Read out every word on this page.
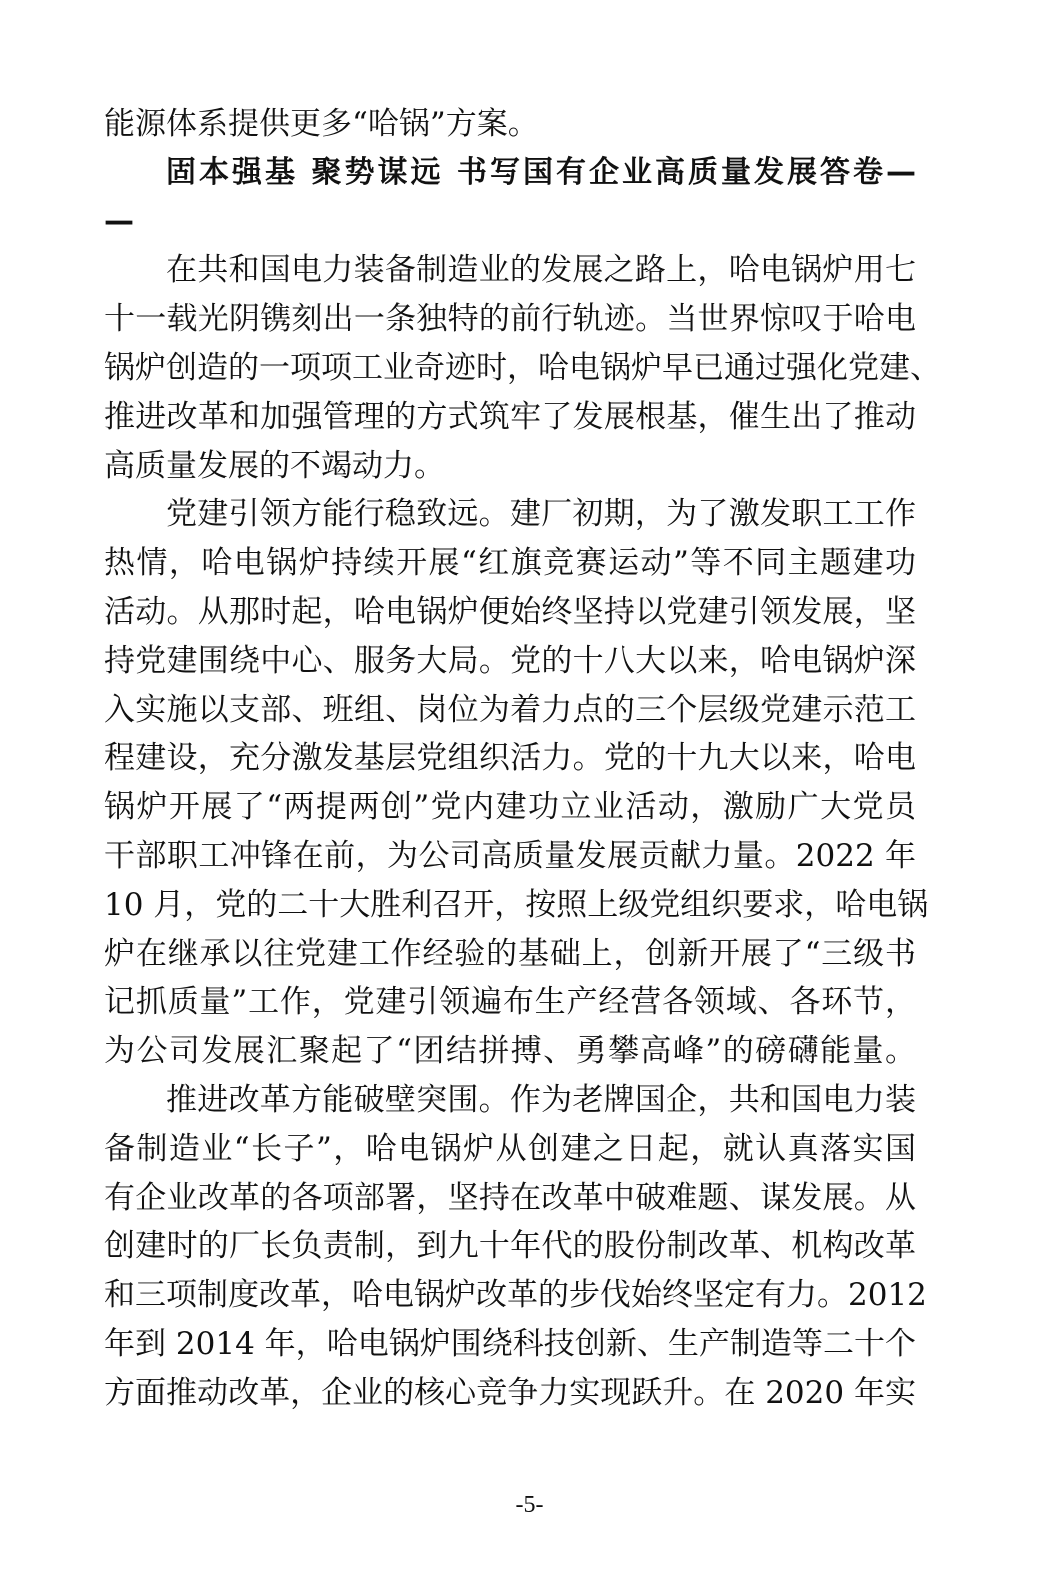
能源体系提供更多“哈锅”方案。
固本强基 聚势谋远 书写国有企业高质量发展答卷—
—
在共和国电力装备制造业的发展之路上，哈电锅炉用七
十一载光阴镌刻出一条独特的前行轨迹。当世界惊叹于哈电
锅炉创造的一项项工业奇迹时，哈电锅炉早已通过强化党建、
推进改革和加强管理的方式筑牢了发展根基，催生出了推动
高质量发展的不竭动力。
党建引领方能行稳致远。建厂初期，为了激发职工工作
热情，哈电锅炉持续开展“红旗竞赛运动”等不同主题建功
活动。从那时起，哈电锅炉便始终坚持以党建引领发展，坚
持党建围绕中心、服务大局。党的十八大以来，哈电锅炉深
入实施以支部、班组、岗位为着力点的三个层级党建示范工
程建设，充分激发基层党组织活力。党的十九大以来，哈电
锅炉开展了“两提两创”党内建功立业活动，激励广大党员
干部职工冲锋在前，为公司高质量发展贡献力量。2022 年
10 月，党的二十大胜利召开，按照上级党组织要求，哈电锅
炉在继承以往党建工作经验的基础上，创新开展了“三级书
记抓质量”工作，党建引领遍布生产经营各领域、各环节，
为公司发展汇聚起了“团结拼搏、勇攀高峰”的磅礴能量。
推进改革方能破壁突围。作为老牌国企，共和国电力装
备制造业“长子”，哈电锅炉从创建之日起，就认真落实国
有企业改革的各项部署，坚持在改革中破难题、谋发展。从
创建时的厂长负责制，到九十年代的股份制改革、机构改革
和三项制度改革，哈电锅炉改革的步伐始终坚定有力。2012
年到 2014 年，哈电锅炉围绕科技创新、生产制造等二十个
方面推动改革，企业的核心竞争力实现跃升。在 2020 年实
-5-
